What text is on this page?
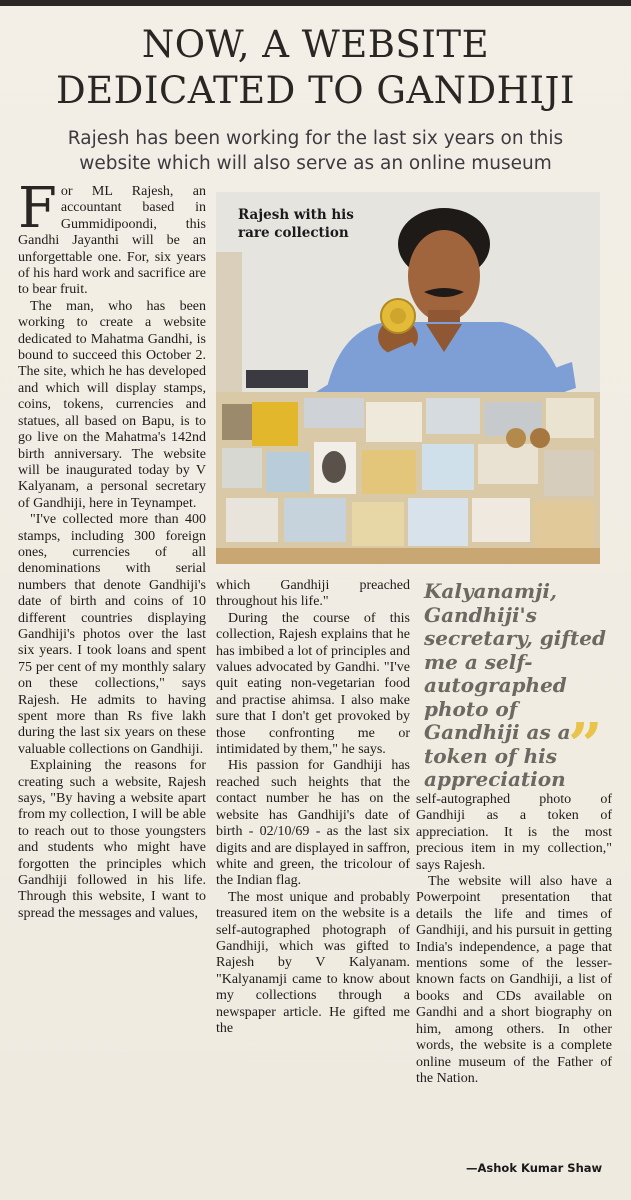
NOW, A WEBSITE
DEDICATED TO GANDHIJI
Rajesh has been working for the last six years on this
website which will also serve as an online museum
F or ML Rajesh, an accountant based in Gummidipoondi, this Gandhi Jayanthi will be an unforgettable one. For, six years of his hard work and sacrifice are to bear fruit.

The man, who has been working to create a website dedicated to Mahatma Gandhi, is bound to succeed this October 2. The site, which he has developed and which will display stamps, coins, tokens, currencies and statues, all based on Bapu, is to go live on the Mahatma's 142nd birth anniversary. The website will be inaugurated today by V Kalyanam, a personal secretary of Gandhiji, here in Teynampet.

"I've collected more than 400 stamps, including 300 foreign ones, currencies of all denominations with serial numbers that denote Gandhiji's date of birth and coins of 10 different countries displaying Gandhiji's photos over the last six years. I took loans and spent 75 per cent of my monthly salary on these collections," says Rajesh. He admits to having spent more than Rs five lakh during the last six years on these valuable collections on Gandhiji.

Explaining the reasons for creating such a website, Rajesh says, "By having a website apart from my collection, I will be able to reach out to those youngsters and students who might have forgotten the principles which Gandhiji followed in his life. Through this website, I want to spread the messages and values,

Rajesh with his
rare collection

which Gandhiji preached throughout his life."

During the course of this collection, Rajesh explains that he has imbibed a lot of principles and values advocated by Gandhi. "I've quit eating non-vegetarian food and practise ahimsa. I also make sure that I don't get provoked by those confronting me or intimidated by them," he says.

His passion for Gandhiji has reached such heights that the contact number he has on the website has Gandhiji's date of birth - 02/10/69 - as the last six digits and are displayed in saffron, white and green, the tricolour of the Indian flag.

The most unique and probably treasured item on the website is a self-autographed photograph of Gandhiji, which was gifted to Rajesh by V Kalyanam. "Kalyanamji came to know about my collections through a newspaper article. He gifted me the

Kalyanamji, Gandhiji's secretary, gifted me a self-autographed photo of Gandhiji as a token of his appreciation ”

self-autographed photo of Gandhiji as a token of appreciation. It is the most precious item in my collection," says Rajesh.

The website will also have a Powerpoint presentation that details the life and times of Gandhiji, and his pursuit in getting India's independence, a page that mentions some of the lesser-known facts on Gandhiji, a list of books and CDs available on Gandhi and a short biography on him, among others. In other words, the website is a complete online museum of the Father of the Nation.

—Ashok Kumar Shaw
